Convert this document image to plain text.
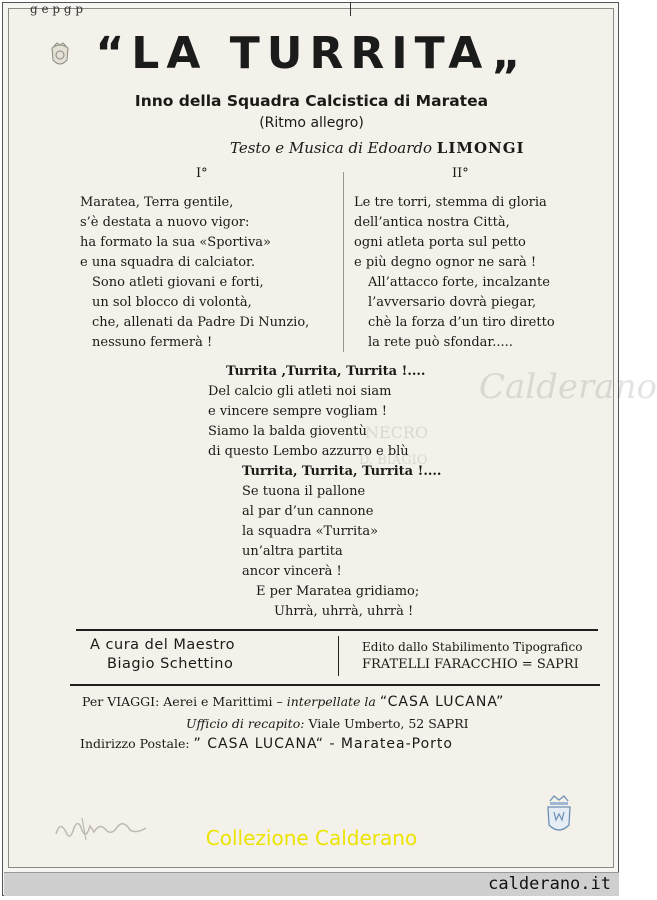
Calderano
NECRO
D. BIAGIO
g e p g p
“LA TURRITA„
Inno della Squadra Calcistica di Maratea
(Ritmo allegro)
Testo e Musica di Edoardo LIMONGI
I°
Maratea, Terra gentile,
s’è destata a nuovo vigor:
ha formato la sua «Sportiva»
e una squadra di calciator.
Sono atleti giovani e forti,
un sol blocco di volontà,
che, allenati da Padre Di Nunzio,
nessuno fermerà !
II°
Le tre torri, stemma di gloria
dell’antica nostra Città,
ogni atleta porta sul petto
e più degno ognor ne sarà !
All’attacco forte, incalzante
l’avversario dovrà piegar,
chè la forza d’un tiro diretto
la rete può sfondar.....
Turrita ,Turrita, Turrita !....
Del calcio gli atleti noi siam
e vincere sempre vogliam !
Siamo la balda gioventù
di questo Lembo azzurro e blù
Turrita, Turrita, Turrita !....
Se tuona il pallone
al par d’un cannone
la squadra «Turrita»
un’altra partita
ancor vincerà !
E per Maratea gridiamo;
Uhrrà, uhrrà, uhrrà !
A cura del Maestro
Biagio Schettino
Edito dallo Stabilimento Tipografico
FRATELLI FARACCHIO = SAPRI
Per VIAGGI: Aerei e Marittimi – interpellate la “CASA LUCANA”
Ufficio di recapito: Viale Umberto, 52 SAPRI
Indirizzo Postale: ” CASA LUCANA“ - Maratea-Porto
Collezione Calderano
calderano.it
